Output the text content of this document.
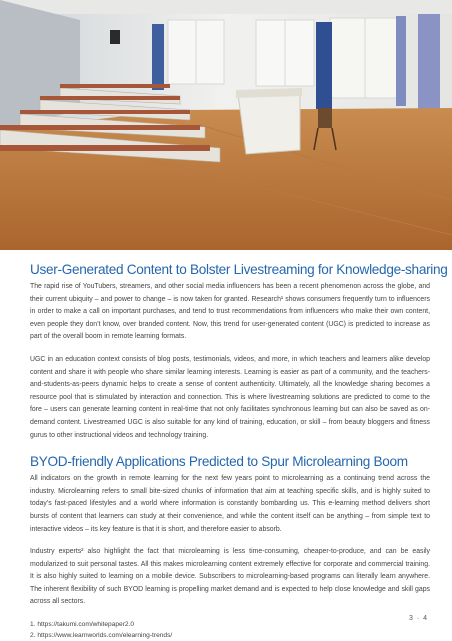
User-Generated Content to Bolster Livestreaming for Knowledge-sharing

The rapid rise of YouTubers, streamers, and other social media influencers has been a recent phenomenon across the globe, and their current ubiquity – and power to change – is now taken for granted. Research¹ shows consumers frequently turn to influencers in order to make a call on important purchases, and tend to trust recommendations from influencers who make their own content, even people they don’t know, over branded content. Now, this trend for user-generated content (UGC) is predicted to increase as part of the overall boom in remote learning formats.

UGC in an education context consists of blog posts, testimonials, videos, and more, in which teachers and learners alike develop content and share it with people who share similar learning interests. Learning is easier as part of a community, and the teachers-and-students-as-peers dynamic helps to create a sense of content authenticity. Ultimately, all the knowledge sharing becomes a resource pool that is stimulated by interaction and connection. This is where livestreaming solutions are predicted to come to the fore – users can generate learning content in real-time that not only facilitates synchronous learning but can also be saved as on-demand content. Livestreamed UGC is also suitable for any kind of training, education, or skill – from beauty bloggers and fitness gurus to other instructional videos and technology training.

BYOD-friendly Applications Predicted to Spur Microlearning Boom

All indicators on the growth in remote learning for the next few years point to microlearning as a continuing trend across the industry. Microlearning refers to small bite-sized chunks of information that aim at teaching specific skills, and is highly suited to today’s fast-paced lifestyles and a world where information is constantly bombarding us. This e-learning method delivers short bursts of content that learners can study at their convenience, and while the content itself can be anything – from simple text to interactive videos – its key feature is that it is short, and therefore easier to absorb.

Industry experts² also highlight the fact that microlearning is less time-consuming, cheaper-to-produce, and can be easily modularized to suit personal tastes. All this makes microlearning content extremely effective for corporate and commercial training. It is also highly suited to learning on a mobile device. Subscribers to microlearning-based programs can literally learn anywhere. The inherent flexibility of such BYOD learning is propelling market demand and is expected to help close knowledge and skill gaps across all sectors.

1. https://takumi.com/whitepaper2.0

2. https://www.learnworlds.com/elearning-trends/

3 · 4
